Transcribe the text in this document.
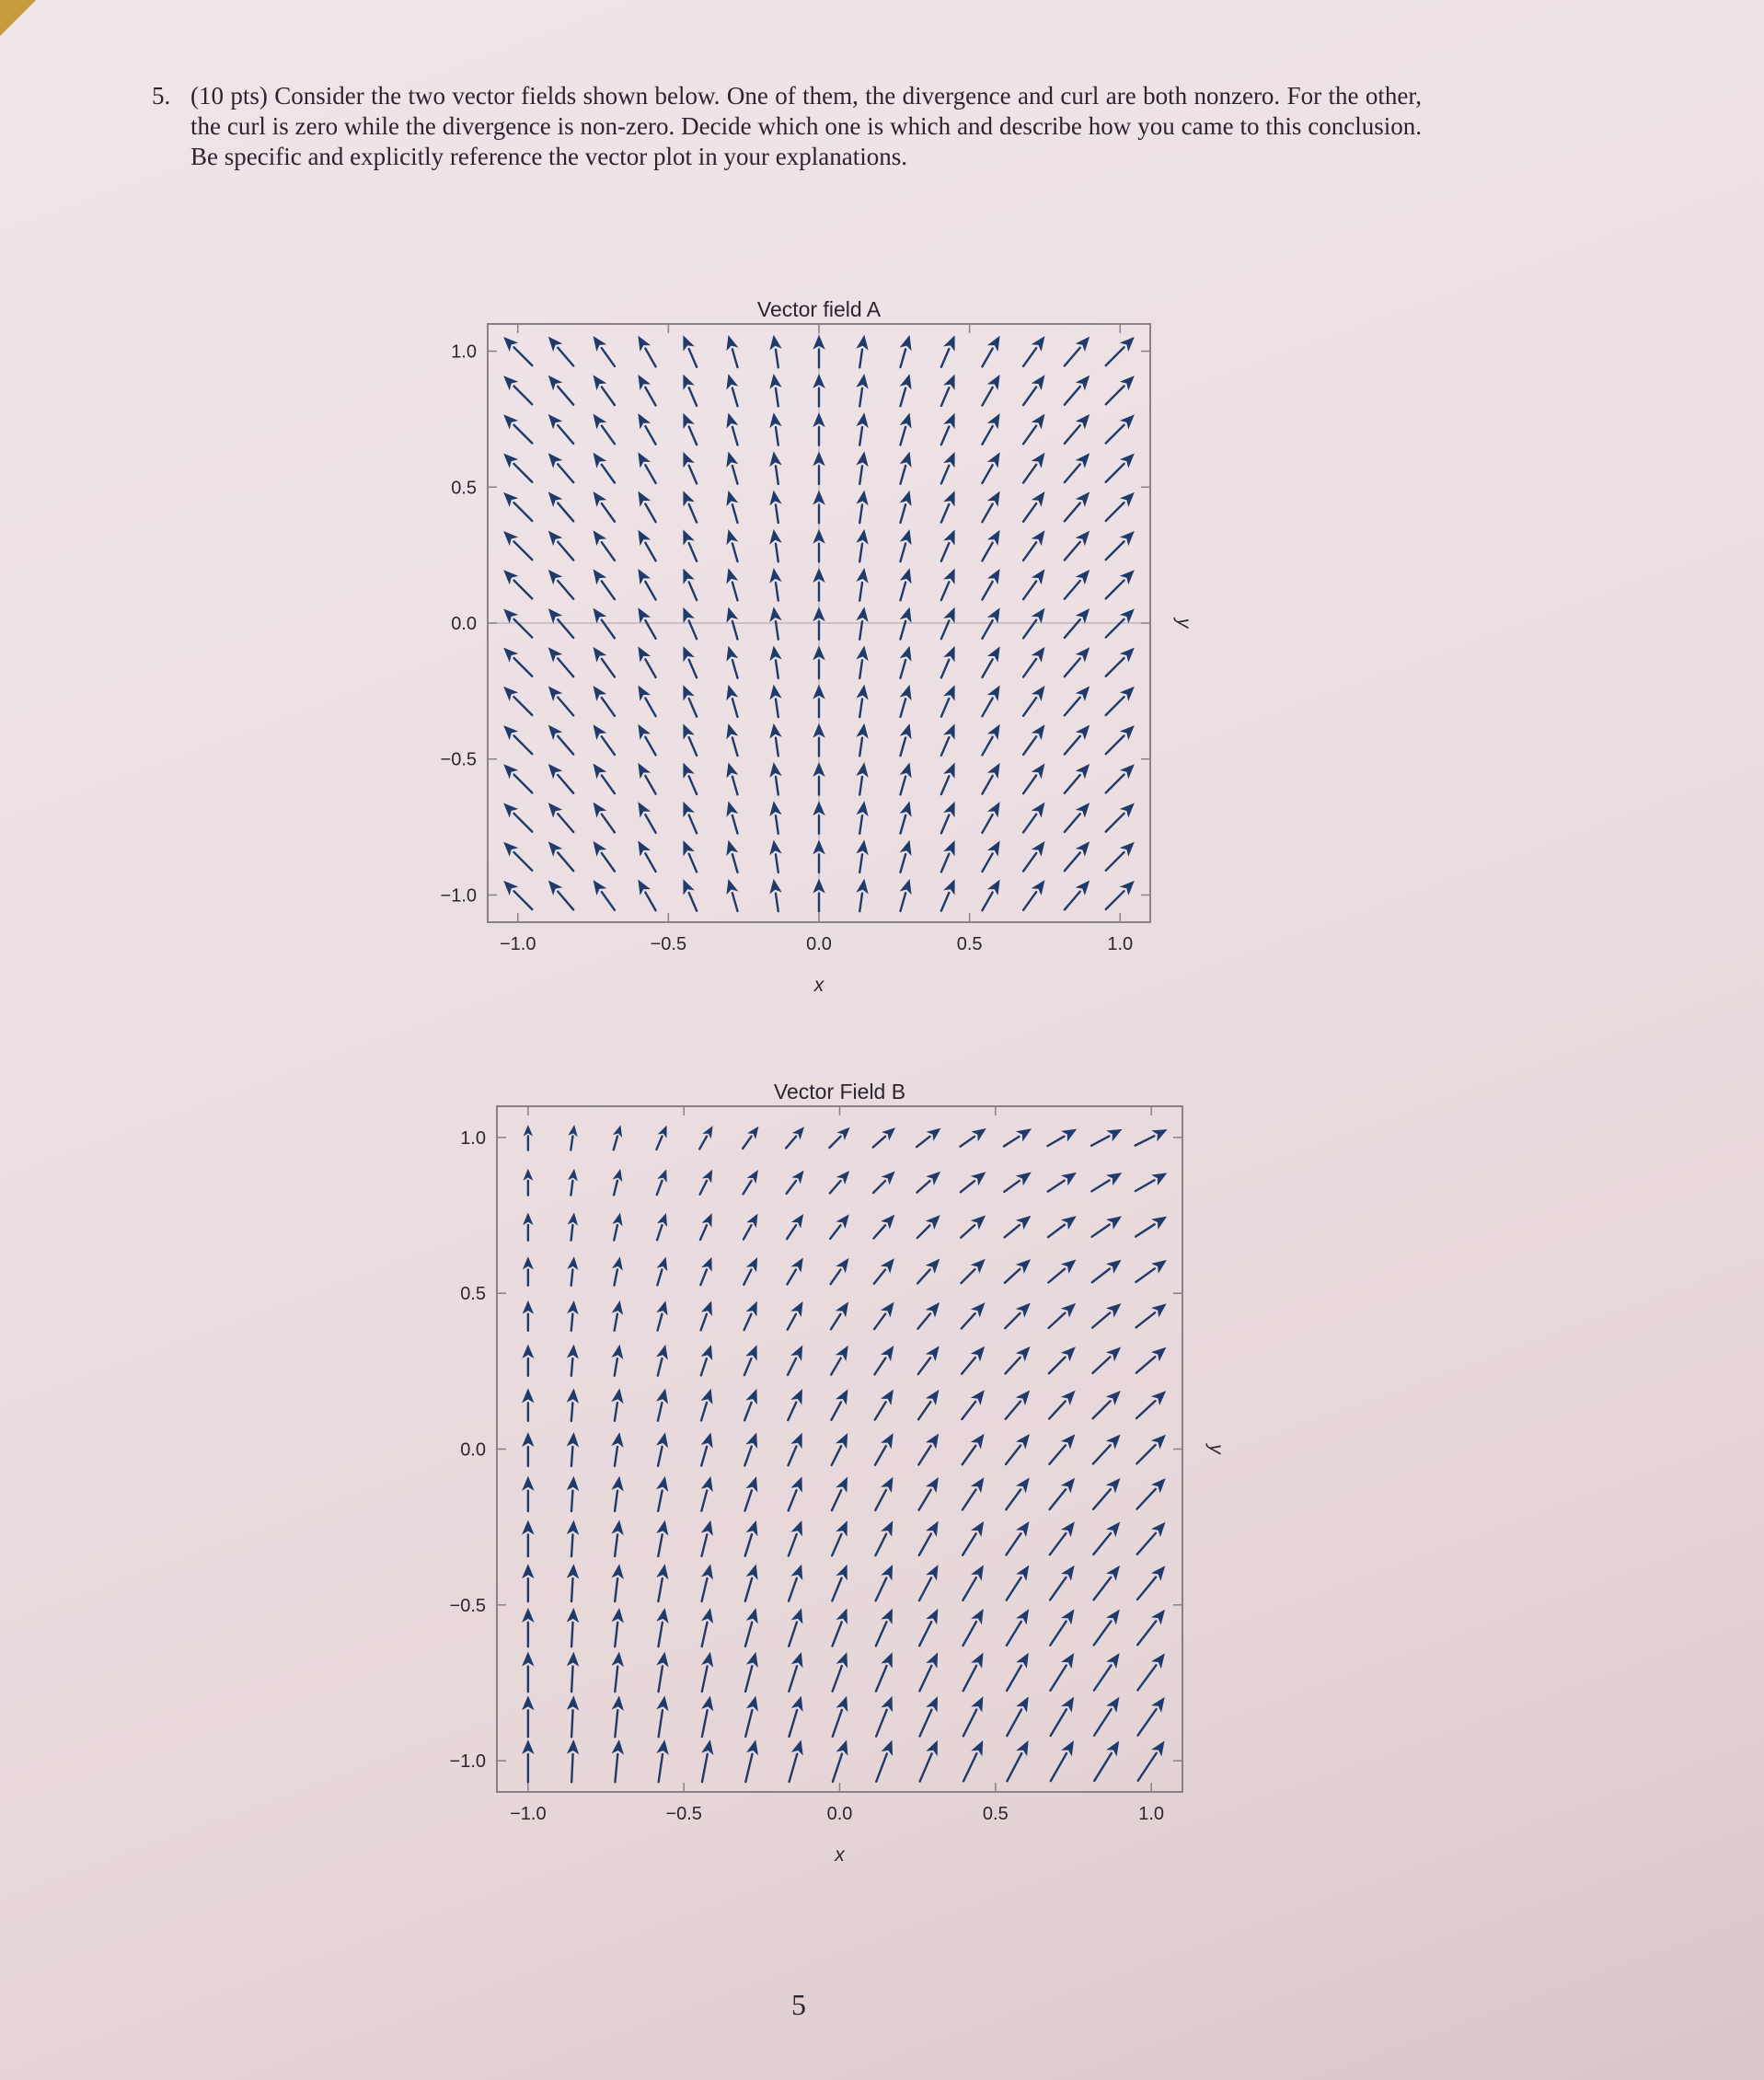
5. (10 pts) Consider the two vector fields shown below. One of them, the divergence and curl are both nonzero. For the other, the curl is zero while the divergence is non-zero. Decide which one is which and describe how you came to this conclusion. Be specific and explicitly reference the vector plot in your explanations.
Vector field A
−1.0	−0.5	0.0	0.5	1.0
1.0
0.5
0.0
−0.5
−1.0
x
y
Vector Field B
−1.0	−0.5	0.0	0.5	1.0
1.0
0.5
0.0
−0.5
−1.0
x
y
5
